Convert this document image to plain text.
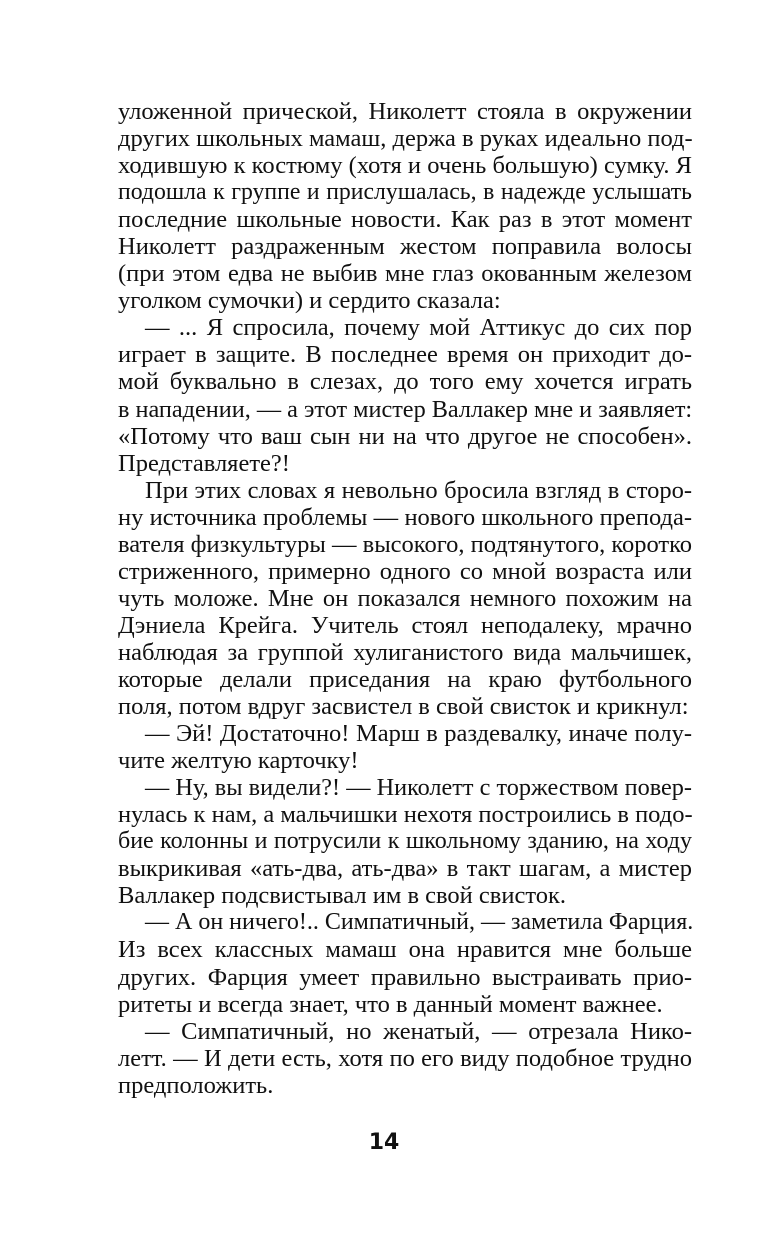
уложенной прической, Николетт стояла в окружении
других школьных мамаш, держа в руках идеально под-
ходившую к костюму (хотя и очень большую) сумку. Я
подошла к группе и прислушалась, в надежде услышать
последние школьные новости. Как раз в этот момент
Николетт раздраженным жестом поправила волосы
(при этом едва не выбив мне глаз окованным железом
уголком сумочки) и сердито сказала:
— ... Я спросила, почему мой Аттикус до сих пор
играет в защите. В последнее время он приходит до-
мой буквально в слезах, до того ему хочется играть
в нападении, — а этот мистер Валлакер мне и заявляет:
«Потому что ваш сын ни на что другое не способен».
Представляете?!
При этих словах я невольно бросила взгляд в сторо-
ну источника проблемы — нового школьного препода-
вателя физкультуры — высокого, подтянутого, коротко
стриженного, примерно одного со мной возраста или
чуть моложе. Мне он показался немного похожим на
Дэниела Крейга. Учитель стоял неподалеку, мрачно
наблюдая за группой хулиганистого вида мальчишек,
которые делали приседания на краю футбольного
поля, потом вдруг засвистел в свой свисток и крикнул:
— Эй! Достаточно! Марш в раздевалку, иначе полу-
чите желтую карточку!
— Ну, вы видели?! — Николетт с торжеством повер-
нулась к нам, а мальчишки нехотя построились в подо-
бие колонны и потрусили к школьному зданию, на ходу
выкрикивая «ать-два, ать-два» в такт шагам, а мистер
Валлакер подсвистывал им в свой свисток.
— А он ничего!.. Симпатичный, — заметила Фарция.
Из всех классных мамаш она нравится мне больше
других. Фарция умеет правильно выстраивать прио-
ритеты и всегда знает, что в данный момент важнее.
— Симпатичный, но женатый, — отрезала Нико-
летт. — И дети есть, хотя по его виду подобное трудно
предположить.
14
